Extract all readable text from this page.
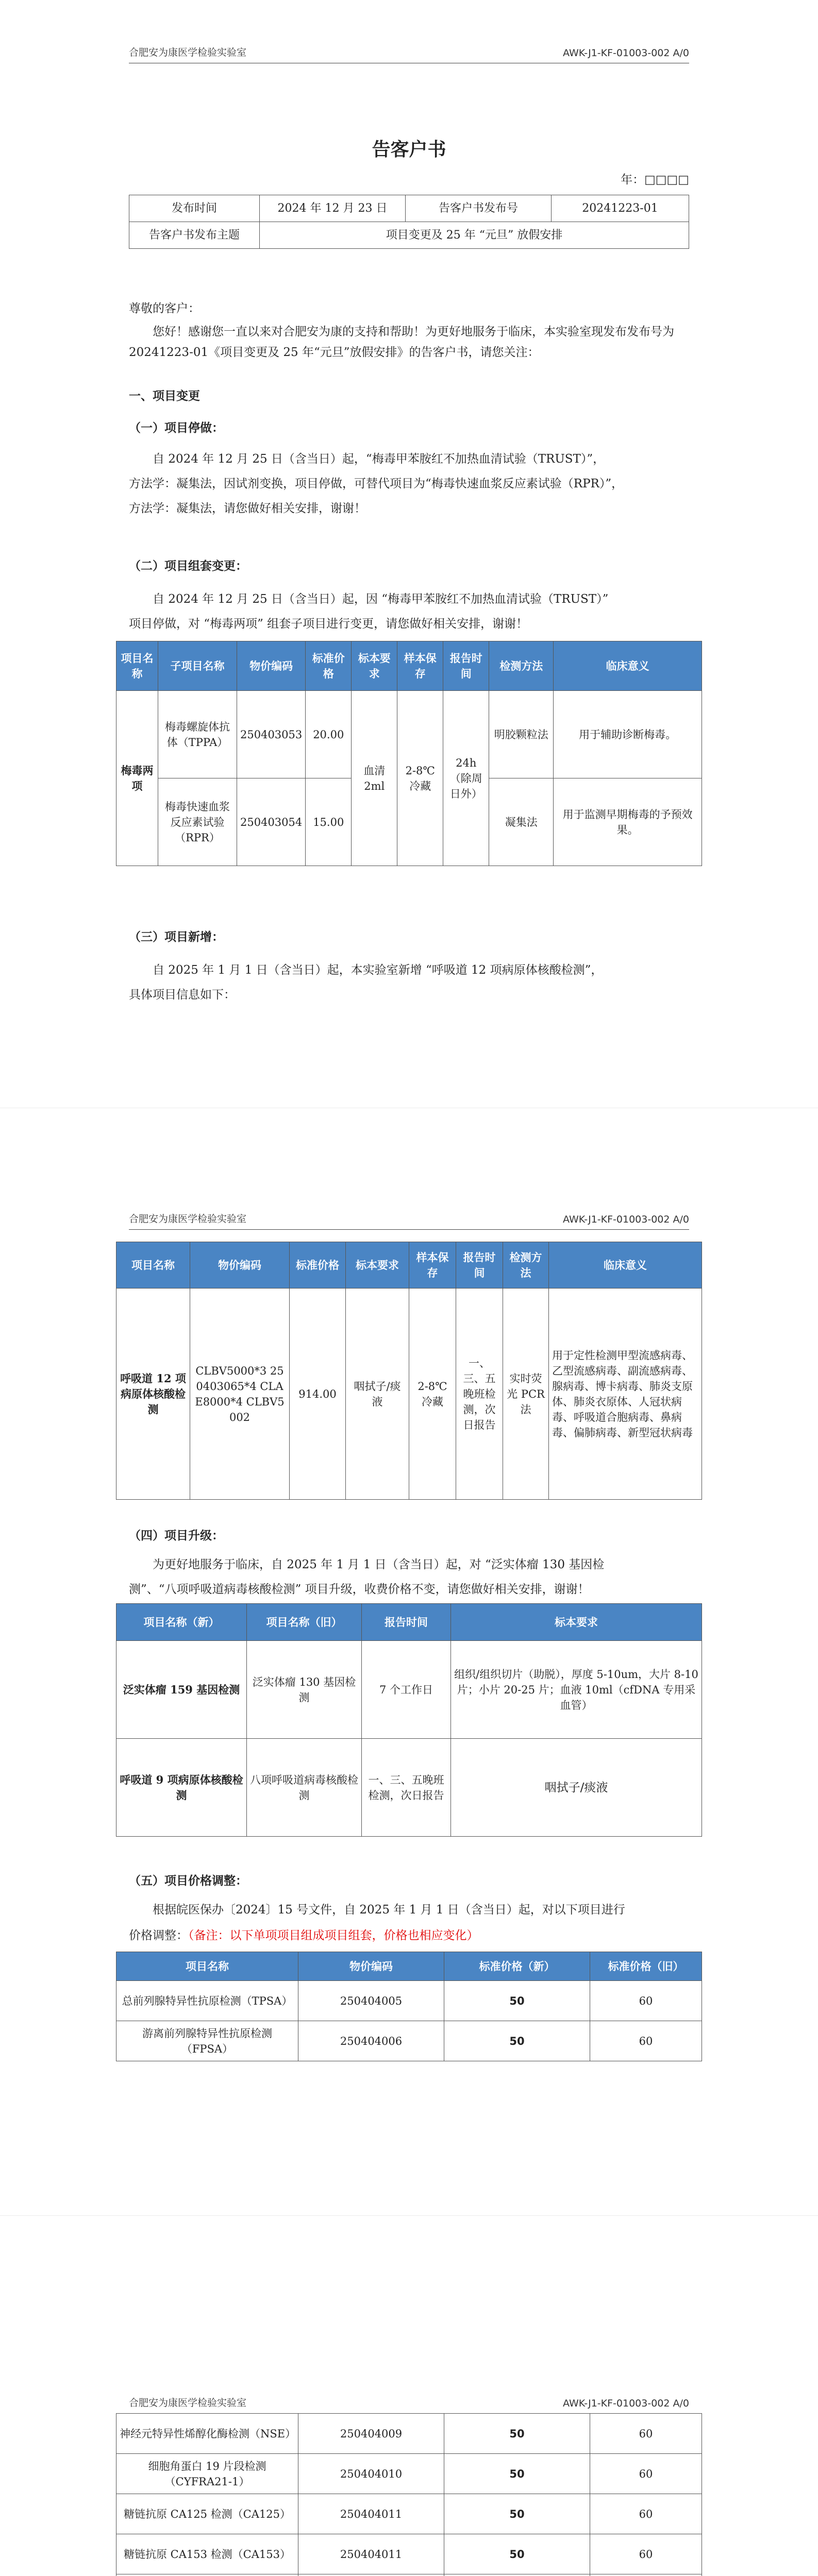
合肥安为康医学检验实验室	AWK-J1-KF-01003-002 A/0
告客户书
年：□□□□
发布时间	2024 年 12 月 23 日	告客户书发布号	20241223-01
告客户书发布主题	项目变更及 25 年 “元旦” 放假安排		
尊敬的客户：
您好！感谢您一直以来对合肥安为康的支持和帮助！为更好地服务于临床，本实验室现发布发布号为 20241223-01《项目变更及 25 年“元旦”放假安排》的告客户书，请您关注：
一、项目变更
（一）项目停做：
自 2024 年 12 月 25 日（含当日）起，“梅毒甲苯胺红不加热血清试验（TRUST）”，
方法学：凝集法，因试剂变换，项目停做，可替代项目为“梅毒快速血浆反应素试验（RPR）”，
方法学：凝集法，请您做好相关安排，谢谢！
（二）项目组套变更：
自 2024 年 12 月 25 日（含当日）起，因 “梅毒甲苯胺红不加热血清试验（TRUST）”
项目停做，对 “梅毒两项” 组套子项目进行变更，请您做好相关安排，谢谢！
项目名称	子项目名称	物价编码	标准价格	标本要求	样本保存	报告时间	检测方法	临床意义
梅毒两项	梅毒螺旋体抗体（TPPA）	250403053	20.00	血清 2ml	2-8℃ 冷藏	24h（除周日外）	明胶颗粒法	用于辅助诊断梅毒。
	梅毒快速血浆反应素试验（RPR）	250403054	15.00				凝集法	用于监测早期梅毒的予预效果。
（三）项目新增：
自 2025 年 1 月 1 日（含当日）起，本实验室新增 “呼吸道 12 项病原体核酸检测”，
具体项目信息如下：
合肥安为康医学检验实验室	AWK-J1-KF-01003-002 A/0
项目名称	物价编码	标准价格	标本要求	样本保存	报告时间	检测方法	临床意义
呼吸道 12 项病原体核酸检测	CLBV5000*3 250403065*4 CLAE8000*4 CLBV5002	914.00	咽拭子/痰液	2-8℃ 冷藏	一、三、五晚班检测，次日报告	实时荧光 PCR 法	用于定性检测甲型流感病毒、乙型流感病毒、副流感病毒、腺病毒、博卡病毒、肺炎支原体、肺炎衣原体、人冠状病毒、呼吸道合胞病毒、鼻病毒、偏肺病毒、新型冠状病毒
（四）项目升级：
为更好地服务于临床，自 2025 年 1 月 1 日（含当日）起，对 “泛实体瘤 130 基因检
测”、“八项呼吸道病毒核酸检测” 项目升级，收费价格不变，请您做好相关安排，谢谢！
项目名称（新）	项目名称（旧）	报告时间	标本要求
泛实体瘤 159 基因检测	泛实体瘤 130 基因检测	7 个工作日	组织/组织切片（助脱），厚度 5-10um，大片 8-10 片；小片 20-25 片；血液 10ml（cfDNA 专用采血管）
呼吸道 9 项病原体核酸检测	八项呼吸道病毒核酸检测	一、三、五晚班检测，次日报告	咽拭子/痰液
（五）项目价格调整：
根据皖医保办〔2024〕15 号文件，自 2025 年 1 月 1 日（含当日）起，对以下项目进行
价格调整：（备注：以下单项项目组成项目组套，价格也相应变化）
项目名称	物价编码	标准价格（新）	标准价格（旧）
总前列腺特异性抗原检测（TPSA）	250404005	50	60
游离前列腺特异性抗原检测（FPSA）	250404006	50	60
合肥安为康医学检验实验室	AWK-J1-KF-01003-002 A/0
神经元特异性烯醇化酶检测（NSE）	250404009	50	60
细胞角蛋白 19 片段检测（CYFRA21-1）	250404010	50	60
糖链抗原 CA125 检测（CA125）	250404011	50	60
糖链抗原 CA153 检测（CA153）	250404011	50	60
